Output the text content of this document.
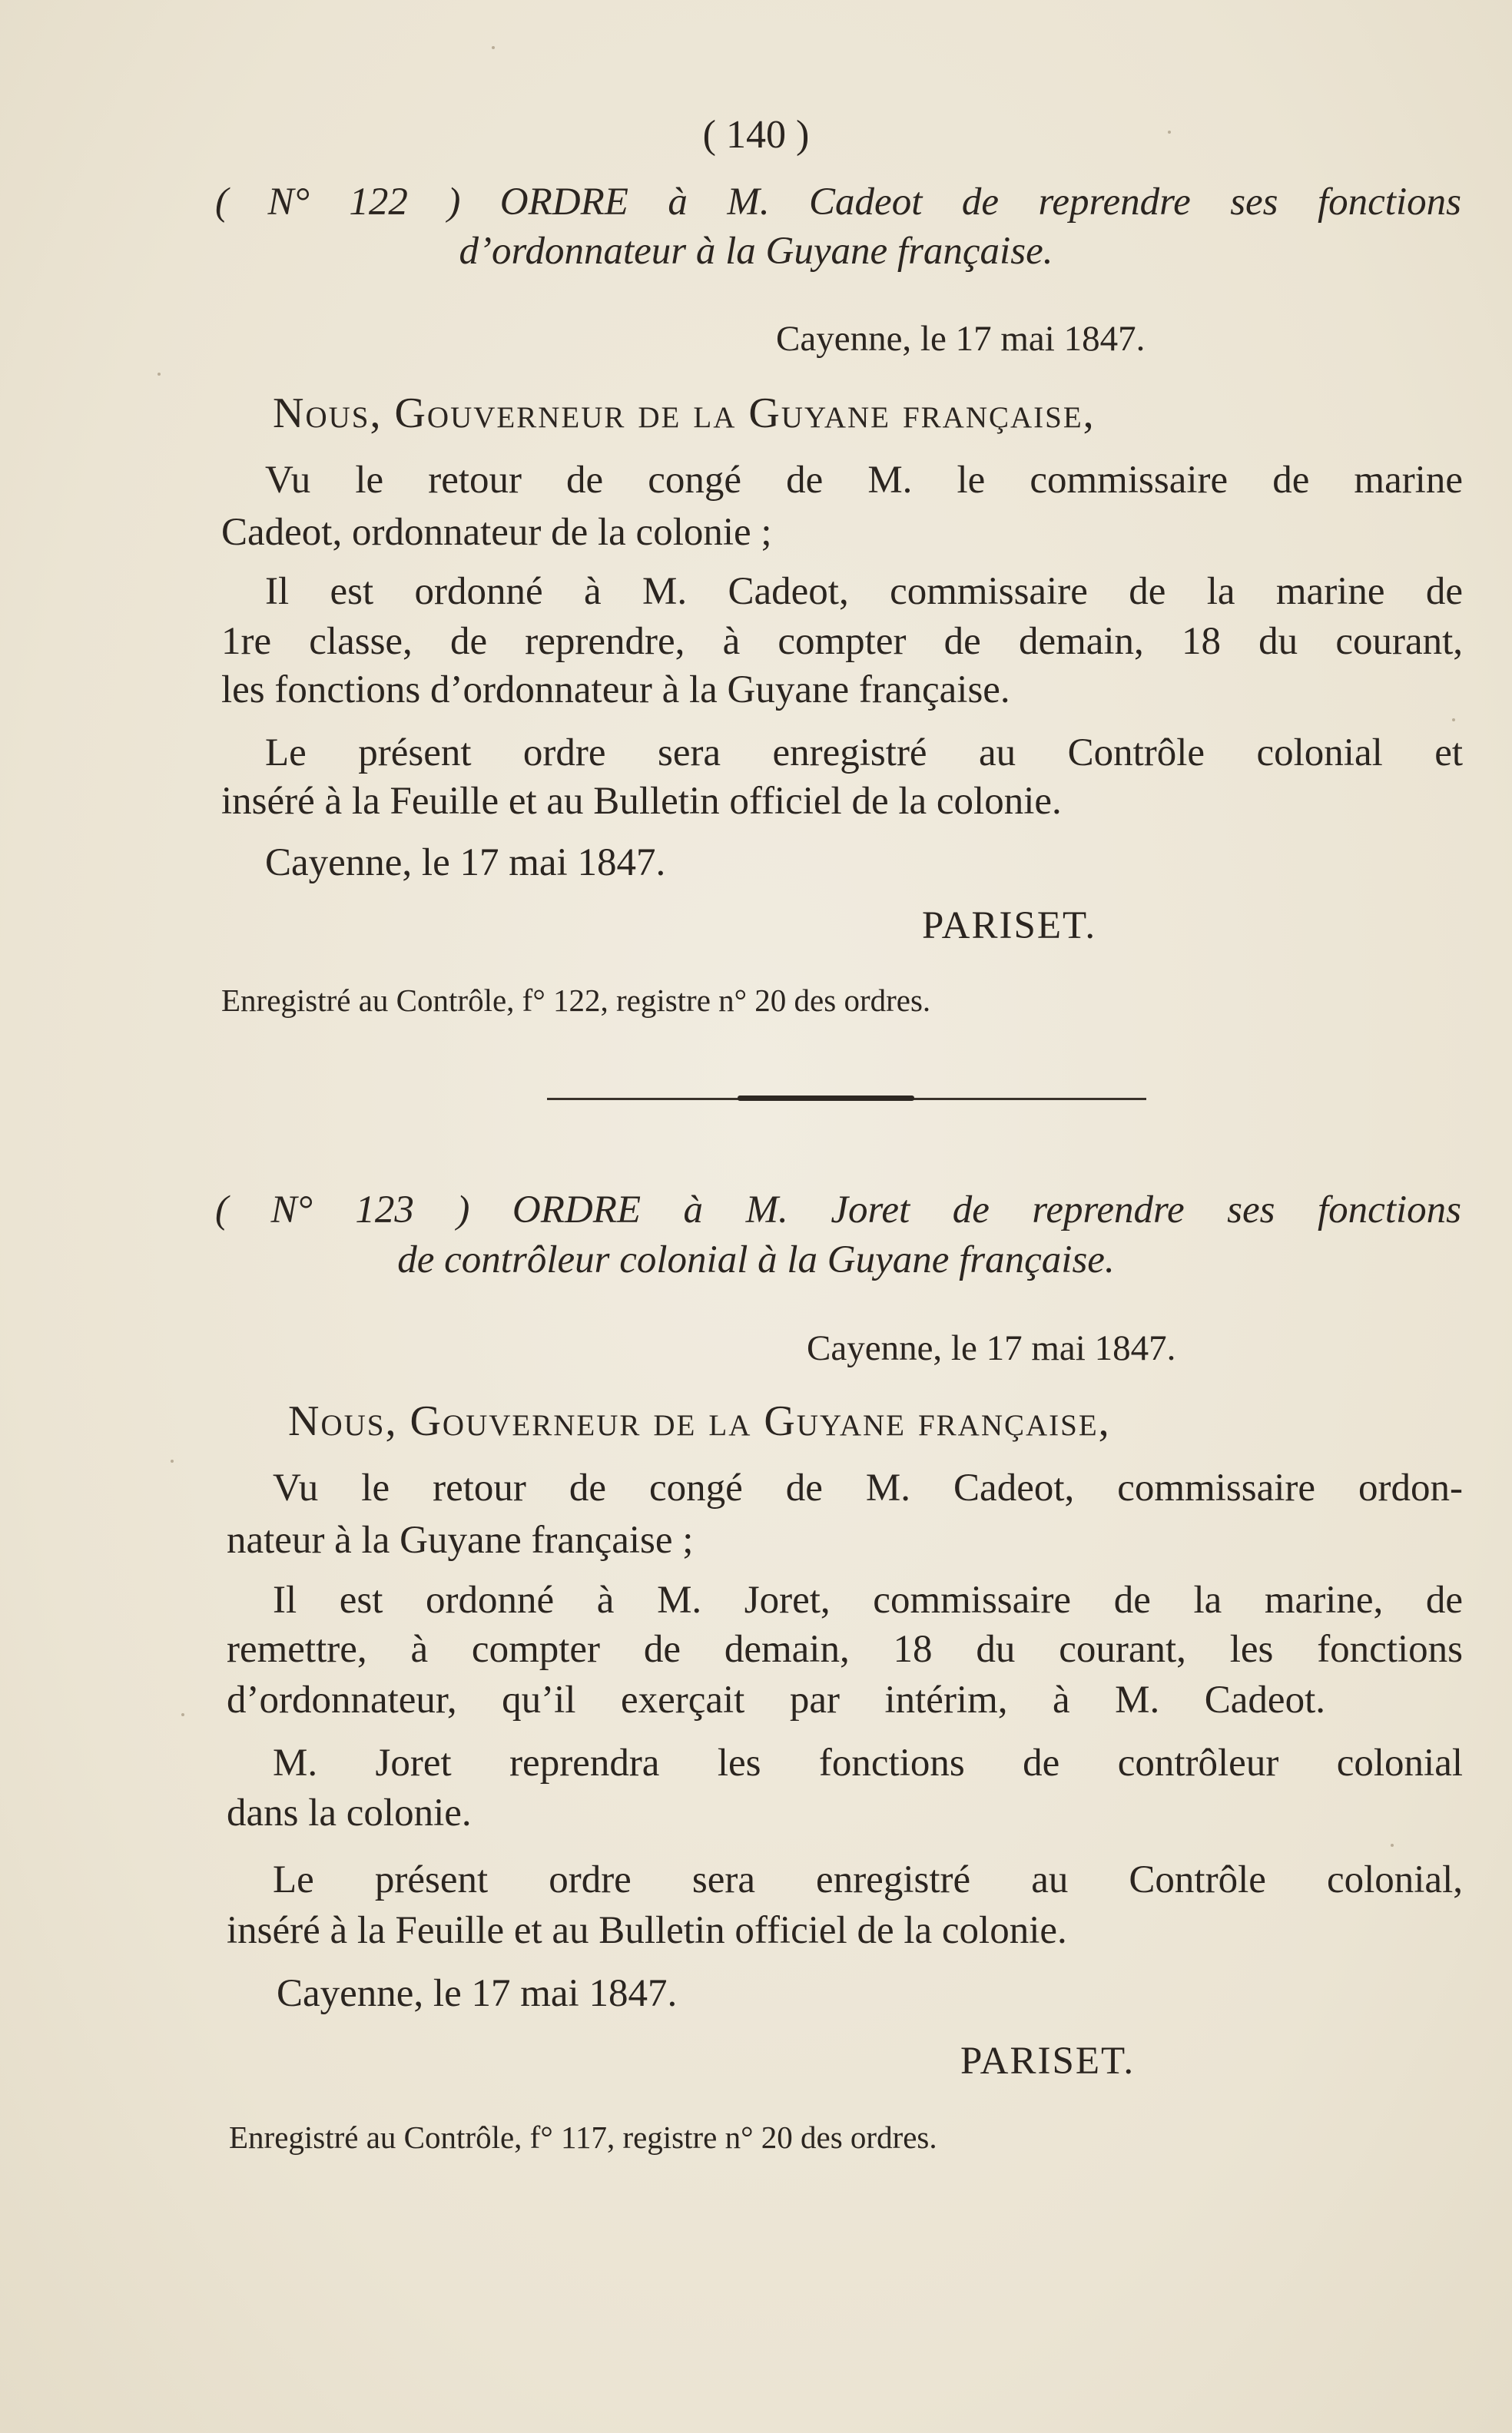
( 140 )
( N° 122 ) ORDRE à M. Cadeot de reprendre ses fonctions
d’ordonnateur à la Guyane française.
Cayenne, le 17 mai 1847.
Nous, Gouverneur de la Guyane française,
Vu le retour de congé de M. le commissaire de marine
Cadeot, ordonnateur de la colonie ;
Il est ordonné à M. Cadeot, commissaire de la marine de
1re classe, de reprendre, à compter de demain, 18 du courant,
les fonctions d’ordonnateur à la Guyane française.
Le présent ordre sera enregistré au Contrôle colonial et
inséré à la Feuille et au Bulletin officiel de la colonie.
Cayenne, le 17 mai 1847.
PARISET.
Enregistré au Contrôle, f° 122, registre n° 20 des ordres.
( N° 123 ) ORDRE à M. Joret de reprendre ses fonctions
de contrôleur colonial à la Guyane française.
Cayenne, le 17 mai 1847.
Nous, Gouverneur de la Guyane française,
Vu le retour de congé de M. Cadeot, commissaire ordon-
nateur à la Guyane française ;
Il est ordonné à M. Joret, commissaire de la marine, de
remettre, à compter de demain, 18 du courant, les fonctions
d’ordonnateur, qu’il exerçait par intérim, à M. Cadeot.
M. Joret reprendra les fonctions de contrôleur colonial
dans la colonie.
Le présent ordre sera enregistré au Contrôle colonial,
inséré à la Feuille et au Bulletin officiel de la colonie.
Cayenne, le 17 mai 1847.
PARISET.
Enregistré au Contrôle, f° 117, registre n° 20 des ordres.
